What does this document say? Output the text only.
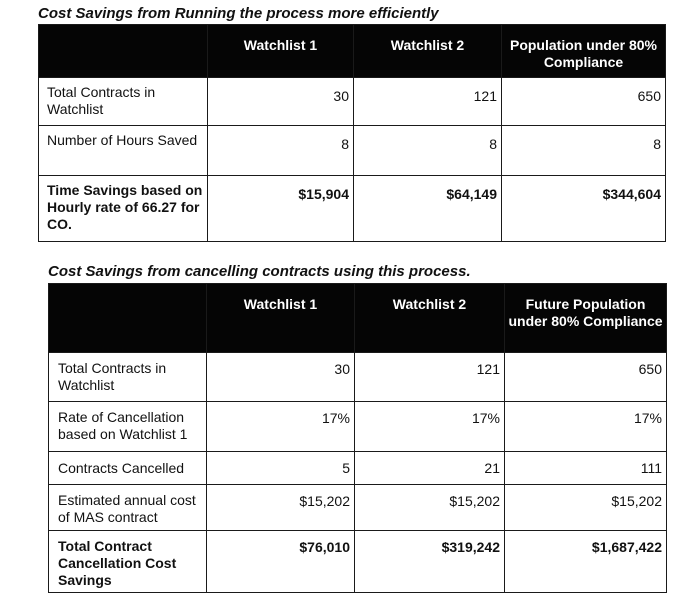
Cost Savings from Running the process more efficiently
	Watchlist 1	Watchlist 2	Population under 80% Compliance
Total Contracts in Watchlist	30	121	650
Number of Hours Saved	8	8	8
Time Savings based on Hourly rate of 66.27 for CO.	$15,904	$64,149	$344,604
Cost Savings from cancelling contracts using this process.
	Watchlist 1	Watchlist 2	Future Population under 80% Compliance
Total Contracts in Watchlist	30	121	650
Rate of Cancellation based on Watchlist 1	17%	17%	17%
Contracts Cancelled	5	21	111
Estimated annual cost of MAS contract	$15,202	$15,202	$15,202
Total Contract Cancellation Cost Savings	$76,010	$319,242	$1,687,422
